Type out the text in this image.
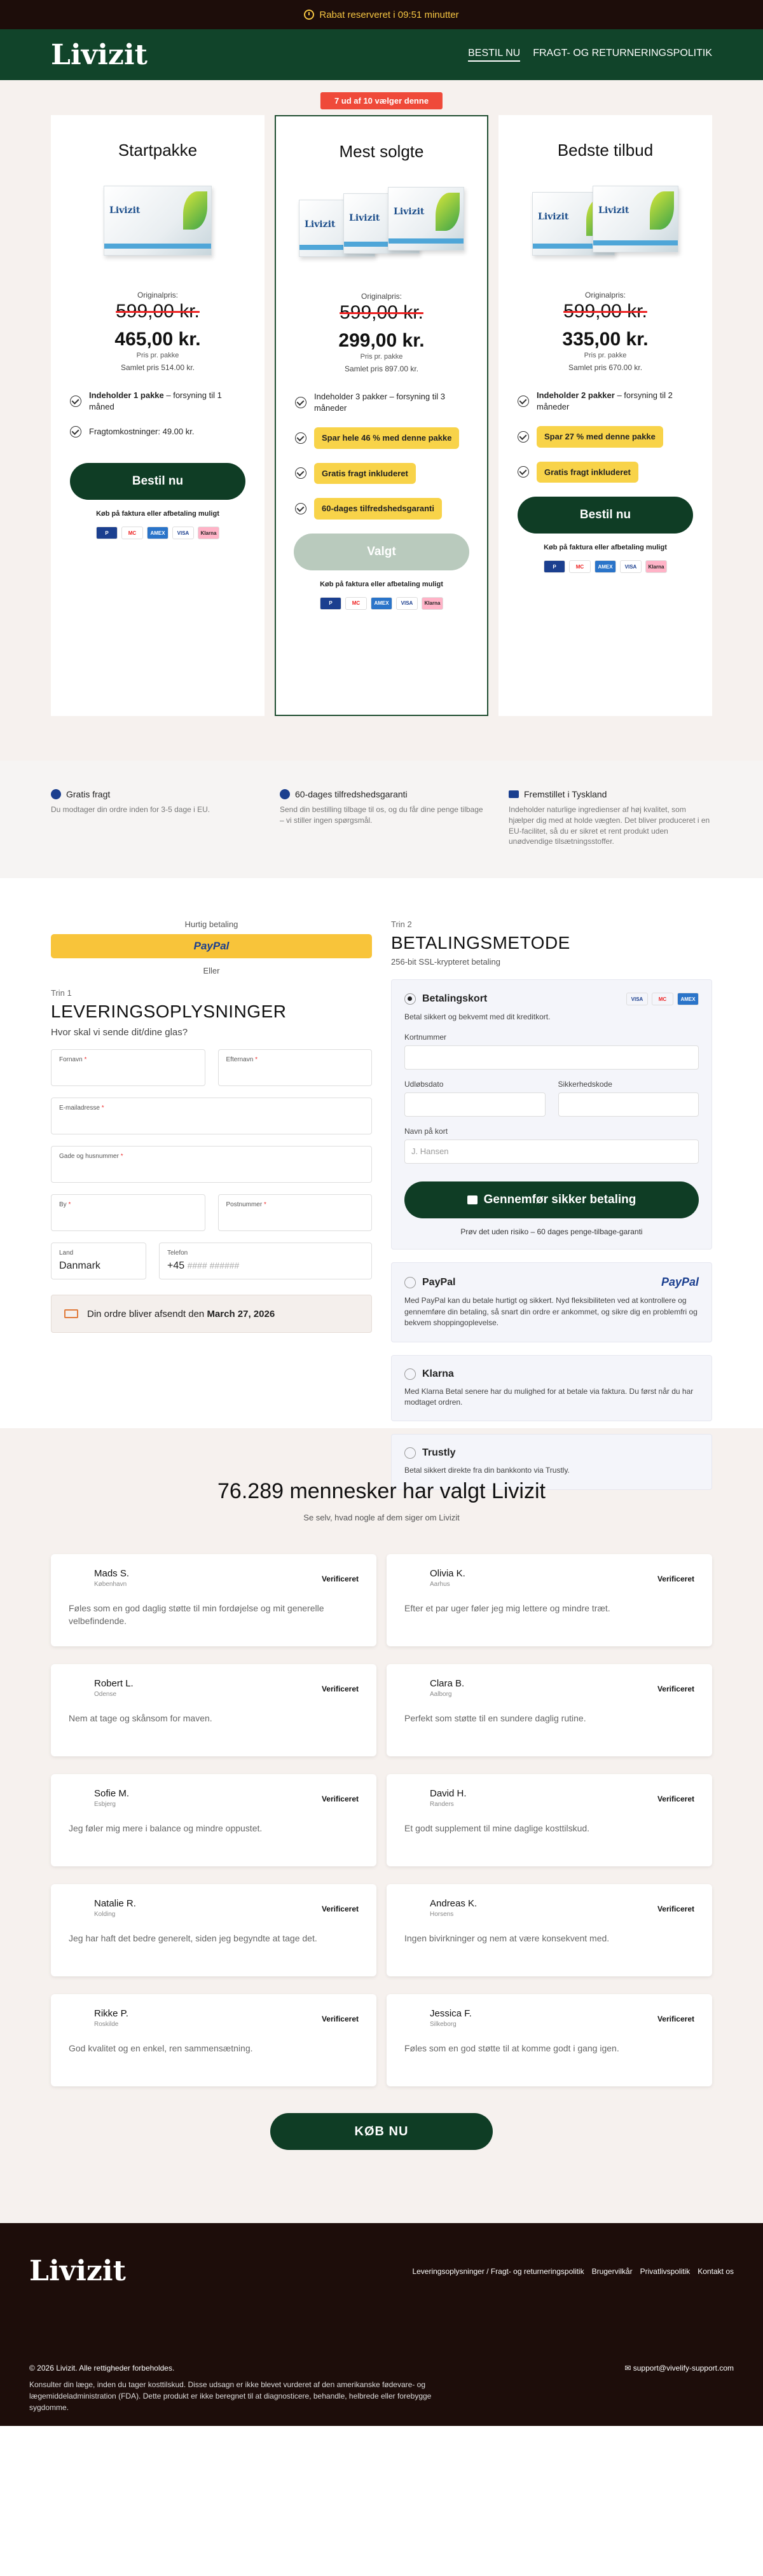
Rabat reserveret i 09:51 minutter
Livizit	BESTIL NU FRAGT- OG RETURNERINGSPOLITIK
Startpakke
Livizit
Originalpris:
599,00 kr.
465,00 kr.
Pris pr. pakke
Samlet pris 514.00 kr.
Indeholder 1 pakke – forsyning til 1 måned
Fragtomkostninger: 49.00 kr.
Bestil nu
Køb på faktura eller afbetaling muligt
P	MC	AMEX	VISA	Klarna
7 ud af 10 vælger denne
Mest solgte
Livizit
Livizit
Livizit
Originalpris:
599,00 kr.
299,00 kr.
Pris pr. pakke
Samlet pris 897.00 kr.
Indeholder 3 pakker – forsyning til 3 måneder
Spar hele 46 % med denne pakke
Gratis fragt inkluderet
60-dages tilfredshedsgaranti
Valgt
Køb på faktura eller afbetaling muligt
P	MC	AMEX	VISA	Klarna
Bedste tilbud
Livizit
Livizit
Originalpris:
599,00 kr.
335,00 kr.
Pris pr. pakke
Samlet pris 670.00 kr.
Indeholder 2 pakker – forsyning til 2 måneder
Spar 27 % med denne pakke
Gratis fragt inkluderet
Bestil nu
Køb på faktura eller afbetaling muligt
P	MC	AMEX	VISA	Klarna
Gratis fragt
Du modtager din ordre inden for 3-5 dage i EU.
60-dages tilfredshedsgaranti
Send din bestilling tilbage til os, og du får dine penge tilbage – vi stiller ingen spørgsmål.
Fremstillet i Tyskland
Indeholder naturlige ingredienser af høj kvalitet, som hjælper dig med at holde vægten. Det bliver produceret i en EU-facilitet, så du er sikret et rent produkt uden unødvendige tilsætningsstoffer.
Hurtig betaling
PayPal
Eller
Trin 1
LEVERINGSOPLYSNINGER
Hvor skal vi sende dit/dine glas?
Fornavn *	Efternavn *
E-mailadresse *
Gade og husnummer *
By *	Postnummer *
Land
Danmark
Telefon
+45 #### ######
Din ordre bliver afsendt den March 27, 2026
Trin 2
BETALINGSMETODE
256-bit SSL-krypteret betaling
Betalingskort	VISA	MC	AMEX
Betal sikkert og bekvemt med dit kreditkort.
Kortnummer
Udløbsdato	Sikkerhedskode
Navn på kort
J. Hansen
Gennemfør sikker betaling
Prøv det uden risiko – 60 dages penge-tilbage-garanti
PayPal	PayPal
Med PayPal kan du betale hurtigt og sikkert. Nyd fleksibiliteten ved at kontrollere og gennemføre din betaling, så snart din ordre er ankommet, og sikre dig en problemfri og bekvem shoppingoplevelse.
Klarna
Med Klarna Betal senere har du mulighed for at betale via faktura. Du først når du har modtaget ordren.
Trustly
Betal sikkert direkte fra din bankkonto via Trustly.
76.289 mennesker har valgt Livizit
Se selv, hvad nogle af dem siger om Livizit
Mads S.
København
Verificeret
Føles som en god daglig støtte til min fordøjelse og mit generelle velbefindende.
Olivia K.
Aarhus
Verificeret
Efter et par uger føler jeg mig lettere og mindre træt.
Robert L.
Odense
Verificeret
Nem at tage og skånsom for maven.
Clara B.
Aalborg
Verificeret
Perfekt som støtte til en sundere daglig rutine.
Sofie M.
Esbjerg
Verificeret
Jeg føler mig mere i balance og mindre oppustet.
David H.
Randers
Verificeret
Et godt supplement til mine daglige kosttilskud.
Natalie R.
Kolding
Verificeret
Jeg har haft det bedre generelt, siden jeg begyndte at tage det.
Andreas K.
Horsens
Verificeret
Ingen bivirkninger og nem at være konsekvent med.
Rikke P.
Roskilde
Verificeret
God kvalitet og en enkel, ren sammensætning.
Jessica F.
Silkeborg
Verificeret
Føles som en god støtte til at komme godt i gang igen.
KØB NU
Livizit	Leveringsoplysninger / Fragt- og returneringspolitik Brugervilkår Privatlivspolitik Kontakt os
© 2026 Livizit. Alle rettigheder forbeholdes.	✉ support@vivelify-support.com
Konsulter din læge, inden du tager kosttilskud. Disse udsagn er ikke blevet vurderet af den amerikanske fødevare- og lægemiddeladministration (FDA). Dette produkt er ikke beregnet til at diagnosticere, behandle, helbrede eller forebygge sygdomme.
